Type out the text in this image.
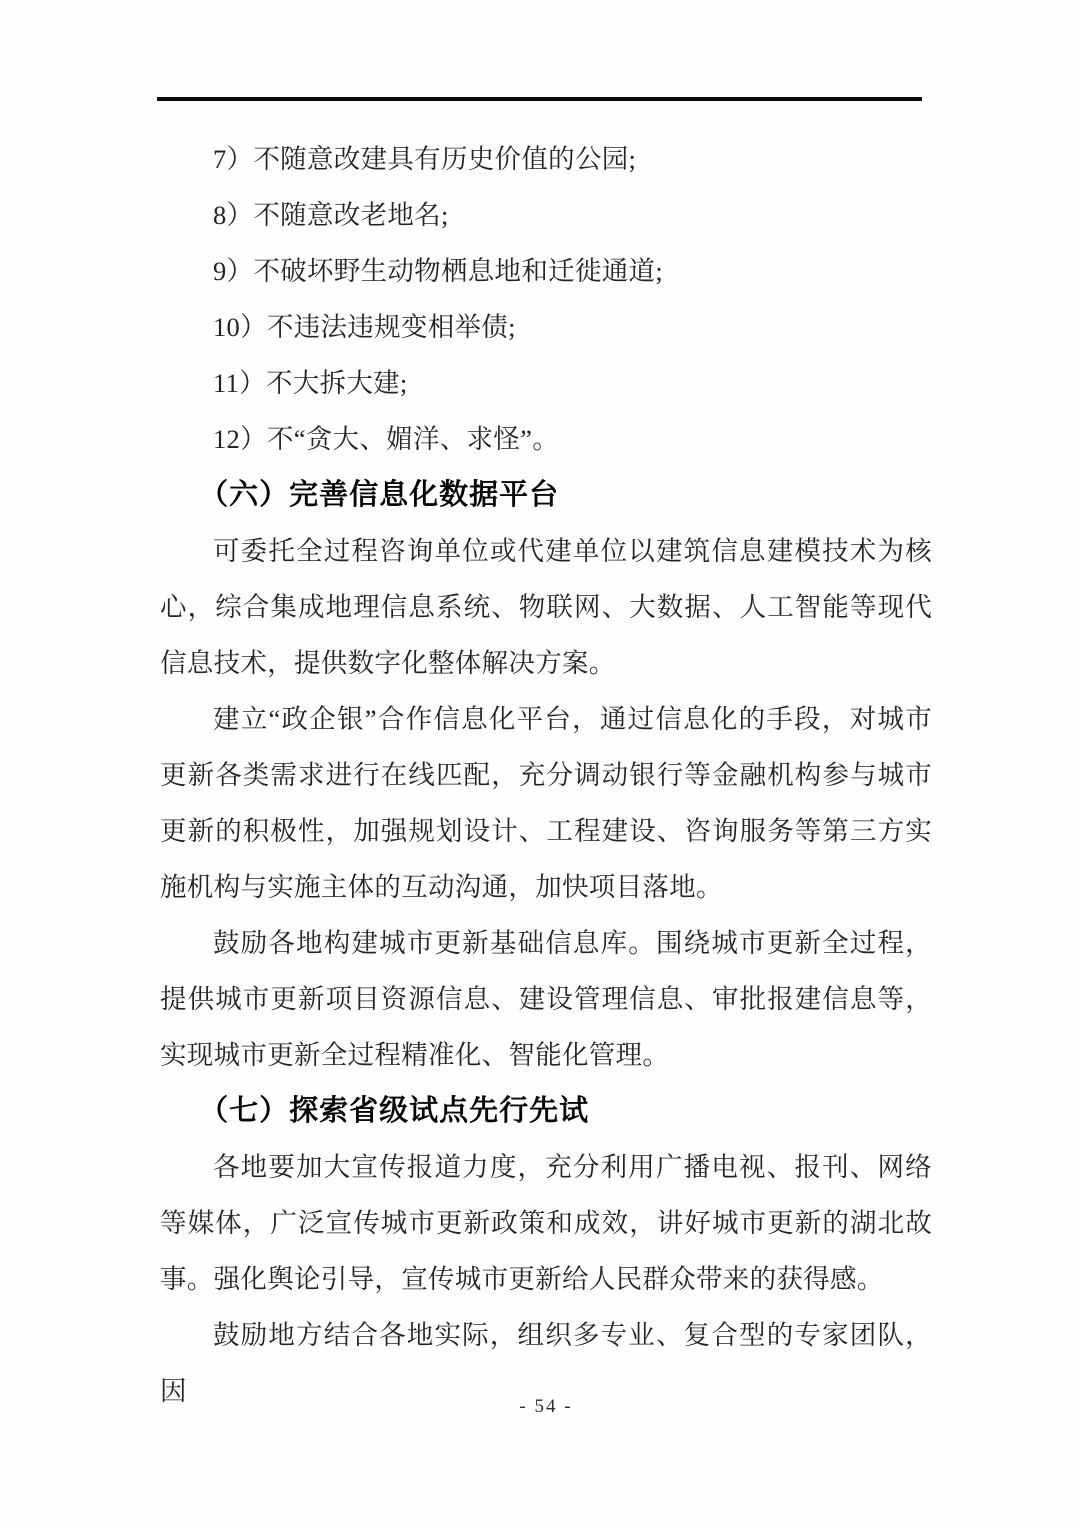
7）不随意改建具有历史价值的公园;

8）不随意改老地名;

9）不破坏野生动物栖息地和迁徙通道;

10）不违法违规变相举债;

11）不大拆大建;

12）不“贪大、媚洋、求怪”。

（六）完善信息化数据平台

可委托全过程咨询单位或代建单位以建筑信息建模技术为核心，综合集成地理信息系统、物联网、大数据、人工智能等现代信息技术，提供数字化整体解决方案。

建立“政企银”合作信息化平台，通过信息化的手段，对城市更新各类需求进行在线匹配，充分调动银行等金融机构参与城市更新的积极性，加强规划设计、工程建设、咨询服务等第三方实施机构与实施主体的互动沟通，加快项目落地。

鼓励各地构建城市更新基础信息库。围绕城市更新全过程，提供城市更新项目资源信息、建设管理信息、审批报建信息等，实现城市更新全过程精准化、智能化管理。

（七）探索省级试点先行先试

各地要加大宣传报道力度，充分利用广播电视、报刊、网络等媒体，广泛宣传城市更新政策和成效，讲好城市更新的湖北故事。强化舆论引导，宣传城市更新给人民群众带来的获得感。

鼓励地方结合各地实际，组织多专业、复合型的专家团队，因

- 54 -
